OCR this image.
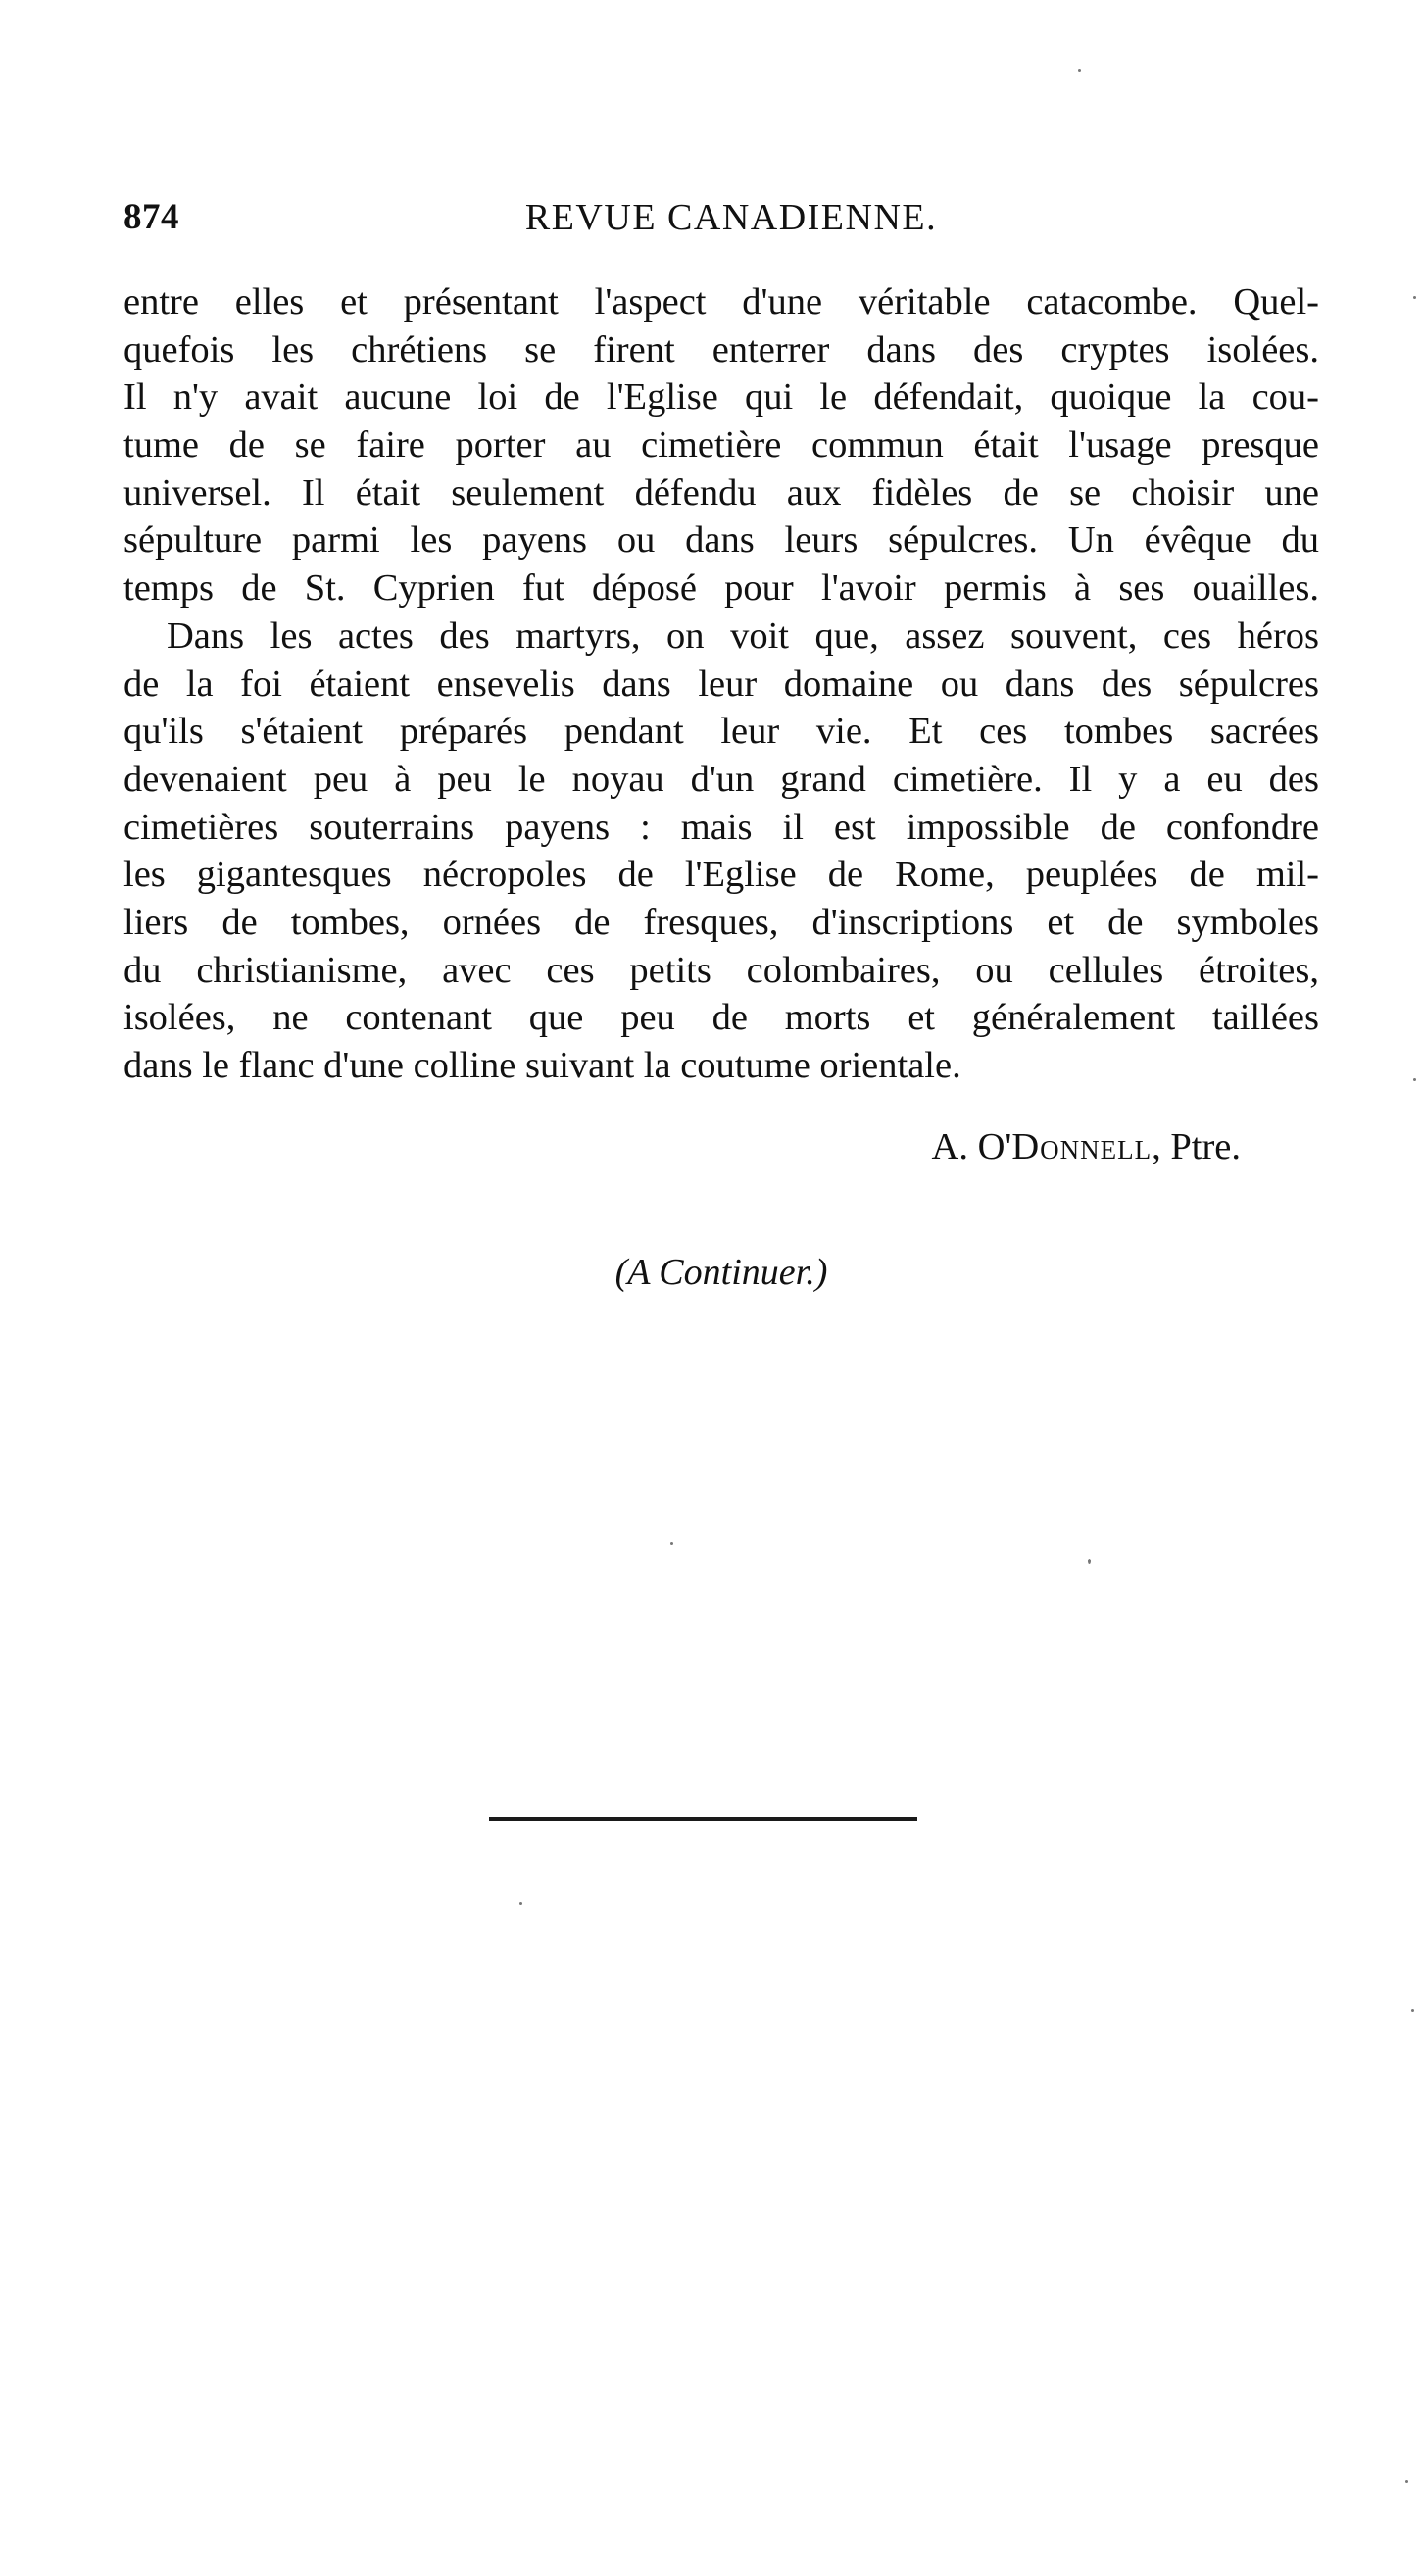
874	REVUE CANADIENNE.
entre elles et présentant l'aspect d'une véritable catacombe. Quel-
quefois les chrétiens se firent enterrer dans des cryptes isolées.
Il n'y avait aucune loi de l'Eglise qui le défendait, quoique la cou-
tume de se faire porter au cimetière commun était l'usage presque
universel. Il était seulement défendu aux fidèles de se choisir une
sépulture parmi les payens ou dans leurs sépulcres. Un évêque du
temps de St. Cyprien fut déposé pour l'avoir permis à ses ouailles.
Dans les actes des martyrs, on voit que, assez souvent, ces héros
de la foi étaient ensevelis dans leur domaine ou dans des sépulcres
qu'ils s'étaient préparés pendant leur vie. Et ces tombes sacrées
devenaient peu à peu le noyau d'un grand cimetière. Il y a eu des
cimetières souterrains payens : mais il est impossible de confondre
les gigantesques nécropoles de l'Eglise de Rome, peuplées de mil-
liers de tombes, ornées de fresques, d'inscriptions et de symboles
du christianisme, avec ces petits colombaires, ou cellules étroites,
isolées, ne contenant que peu de morts et généralement taillées
dans le flanc d'une colline suivant la coutume orientale.
A. O'Donnell, Ptre.
(A Continuer.)
